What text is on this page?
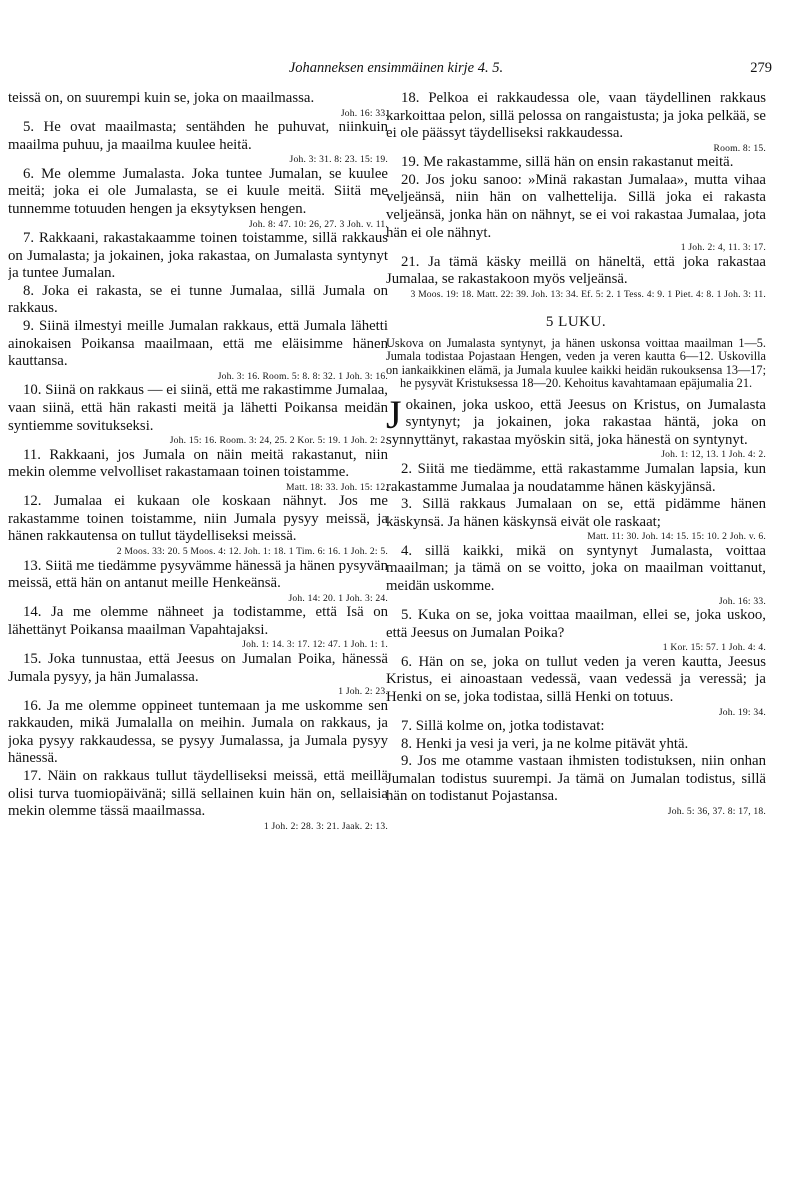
Johanneksen ensimmäinen kirje 4. 5.	279

teissä on, on suurempi kuin se, joka on maailmassa.

Joh. 16: 33.

5. He ovat maailmasta; sentähden he puhuvat, niinkuin maailma puhuu, ja maailma kuulee heitä.

Joh. 3: 31. 8: 23. 15: 19.

6. Me olemme Jumalasta. Joka tuntee Jumalan, se kuulee meitä; joka ei ole Jumalasta, se ei kuule meitä. Siitä me tunnemme totuuden hengen ja eksytyksen hengen.

Joh. 8: 47. 10: 26, 27. 3 Joh. v. 11.

7. Rakkaani, rakastakaamme toinen toistamme, sillä rakkaus on Jumalasta; ja jokainen, joka rakastaa, on Jumalasta syntynyt ja tuntee Jumalan.

8. Joka ei rakasta, se ei tunne Jumalaa, sillä Jumala on rakkaus.

9. Siinä ilmestyi meille Jumalan rakkaus, että Jumala lähetti ainokaisen Poikansa maailmaan, että me eläisimme hänen kauttansa.

Joh. 3: 16. Room. 5: 8. 8: 32. 1 Joh. 3: 16.

10. Siinä on rakkaus — ei siinä, että me rakastimme Jumalaa, vaan siinä, että hän rakasti meitä ja lähetti Poikansa meidän syntiemme sovitukseksi.

Joh. 15: 16. Room. 3: 24, 25. 2 Kor. 5: 19. 1 Joh. 2: 2.

11. Rakkaani, jos Jumala on näin meitä rakastanut, niin mekin olemme velvolliset rakastamaan toinen toistamme.

Matt. 18: 33. Joh. 15: 12.

12. Jumalaa ei kukaan ole koskaan nähnyt. Jos me rakastamme toinen toistamme, niin Jumala pysyy meissä, ja hänen rakkautensa on tullut täydelliseksi meissä.

2 Moos. 33: 20. 5 Moos. 4: 12. Joh. 1: 18. 1 Tim. 6: 16. 1 Joh. 2: 5.

13. Siitä me tiedämme pysyvämme hänessä ja hänen pysyvän meissä, että hän on antanut meille Henkeänsä.

Joh. 14: 20. 1 Joh. 3: 24.

14. Ja me olemme nähneet ja todistamme, että Isä on lähettänyt Poikansa maailman Vapahtajaksi.

Joh. 1: 14. 3: 17. 12: 47. 1 Joh. 1: 1.

15. Joka tunnustaa, että Jeesus on Jumalan Poika, hänessä Jumala pysyy, ja hän Jumalassa.

1 Joh. 2: 23.

16. Ja me olemme oppineet tuntemaan ja me uskomme sen rakkauden, mikä Jumalalla on meihin. Jumala on rakkaus, ja joka pysyy rakkaudessa, se pysyy Jumalassa, ja Jumala pysyy hänessä.

17. Näin on rakkaus tullut täydelliseksi meissä, että meillä olisi turva tuomiopäivänä; sillä sellainen kuin hän on, sellaisia mekin olemme tässä maailmassa.

1 Joh. 2: 28. 3: 21. Jaak. 2: 13.

18. Pelkoa ei rakkaudessa ole, vaan täydellinen rakkaus karkoittaa pelon, sillä pelossa on rangaistusta; ja joka pelkää, se ei ole päässyt täydelliseksi rakkaudessa.

Room. 8: 15.

19. Me rakastamme, sillä hän on ensin rakastanut meitä.

20. Jos joku sanoo: »Minä rakastan Jumalaa», mutta vihaa veljeänsä, niin hän on valhettelija. Sillä joka ei rakasta veljeänsä, jonka hän on nähnyt, se ei voi rakastaa Jumalaa, jota hän ei ole nähnyt.

1 Joh. 2: 4, 11. 3: 17.

21. Ja tämä käsky meillä on häneltä, että joka rakastaa Jumalaa, se rakastakoon myös veljeänsä.

3 Moos. 19: 18. Matt. 22: 39. Joh. 13: 34. Ef. 5: 2. 1 Tess. 4: 9. 1 Piet. 4: 8. 1 Joh. 3: 11.
5 LUKU.

Uskova on Jumalasta syntynyt, ja hänen uskonsa voittaa maailman 1—5. Jumala todistaa Pojastaan Hengen, veden ja veren kautta 6—12. Uskovilla on iankaikkinen elämä, ja Jumala kuulee kaikki heidän rukouksensa 13—17; he pysyvät Kristuksessa 18—20. Kehoitus kavahtamaan epäjumalia 21.

J okainen, joka uskoo, että Jeesus on Kristus, on Jumalasta syntynyt; ja jokainen, joka rakastaa häntä, joka on synnyttänyt, rakastaa myöskin sitä, joka hänestä on syntynyt.

Joh. 1: 12, 13. 1 Joh. 4: 2.

2. Siitä me tiedämme, että rakastamme Jumalan lapsia, kun rakastamme Jumalaa ja noudatamme hänen käskyjänsä.

3. Sillä rakkaus Jumalaan on se, että pidämme hänen käskynsä. Ja hänen käskynsä eivät ole raskaat;

Matt. 11: 30. Joh. 14: 15. 15: 10. 2 Joh. v. 6.

4. sillä kaikki, mikä on syntynyt Jumalasta, voittaa maailman; ja tämä on se voitto, joka on maailman voittanut, meidän uskomme.

Joh. 16: 33.

5. Kuka on se, joka voittaa maailman, ellei se, joka uskoo, että Jeesus on Jumalan Poika?

1 Kor. 15: 57. 1 Joh. 4: 4.

6. Hän on se, joka on tullut veden ja veren kautta, Jeesus Kristus, ei ainoastaan vedessä, vaan vedessä ja veressä; ja Henki on se, joka todistaa, sillä Henki on totuus.

Joh. 19: 34.

7. Sillä kolme on, jotka todistavat:

8. Henki ja vesi ja veri, ja ne kolme pitävät yhtä.

9. Jos me otamme vastaan ihmisten todistuksen, niin onhan Jumalan todistus suurempi. Ja tämä on Jumalan todistus, sillä hän on todistanut Pojastansa.

Joh. 5: 36, 37. 8: 17, 18.
